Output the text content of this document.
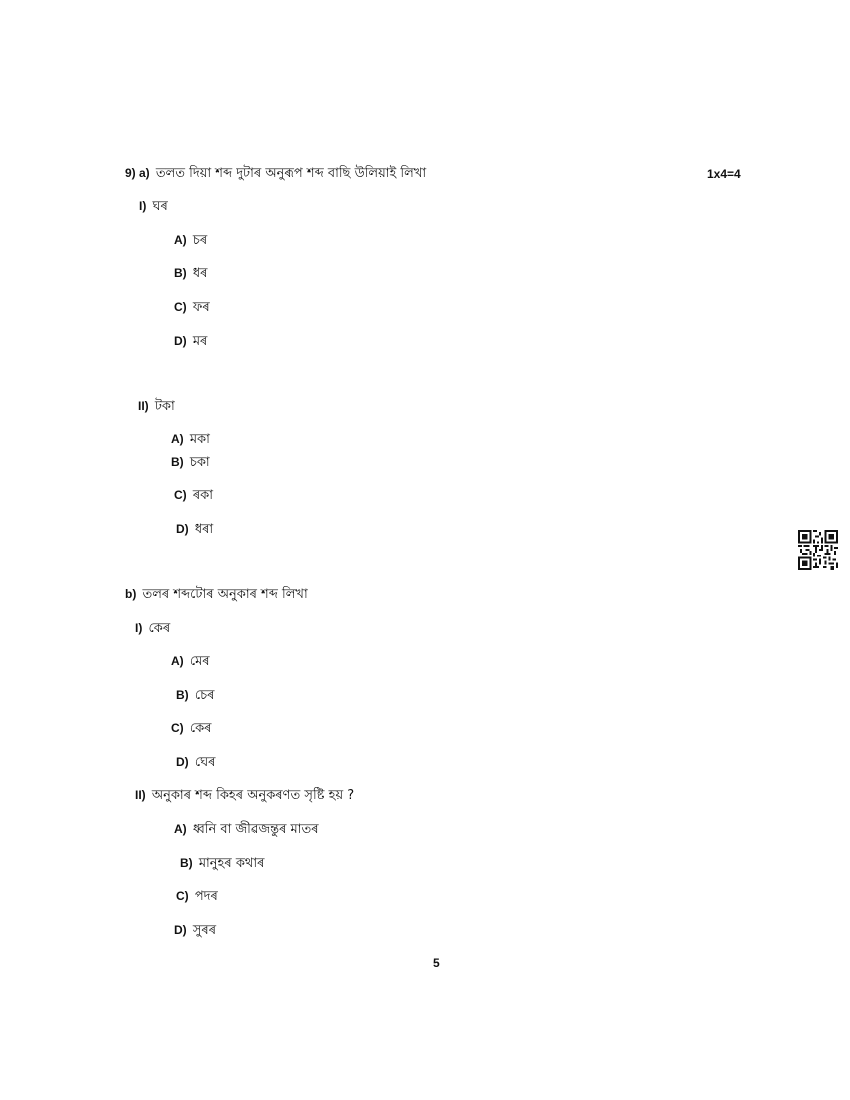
9) a) তলত দিয়া শব্দ দুটাৰ অনুৰূপ শব্দ বাছি উলিয়াই লিখা	1x4=4
I) ঘৰ
A) চৰ
B) ধৰ
C) ফৰ
D) মৰ
II) টকা
A) মকা
B) চকা
C) ৰকা
D) ধৰা
b) তলৰ শব্দটোৰ অনুকাৰ শব্দ লিখা
I) কেৰ
A) মেৰ
B) চেৰ
C) কেৰ
D) ঘেৰ
II) অনুকাৰ শব্দ কিহৰ অনুকৰণত সৃষ্টি হয় ?
A) ধ্বনি বা জীৱজন্তুৰ মাতৰ
B) মানুহৰ কথাৰ
C) পদৰ
D) সুৰৰ
5
